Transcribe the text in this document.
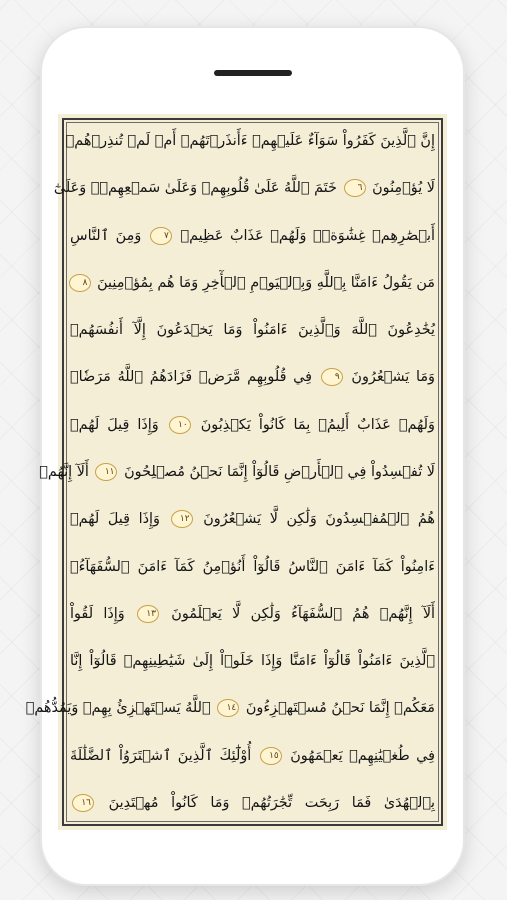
إِنَّ ٱلَّذِينَ كَفَرُواْ سَوَآءٌ عَلَيۡهِمۡ ءَأَنذَرۡتَهُمۡ أَمۡ لَمۡ تُنذِرۡهُمۡ
لَا يُؤۡمِنُونَ ٦ خَتَمَ ٱللَّهُ عَلَىٰ قُلُوبِهِمۡ وَعَلَىٰ سَمۡعِهِمۡۖ وَعَلَىٰٓ
أَبۡصَٰرِهِمۡ غِشَٰوَةٞۖ وَلَهُمۡ عَذَابٌ عَظِيمٞ ٧ وَمِنَ ٱلنَّاسِ
مَن يَقُولُ ءَامَنَّا بِٱللَّهِ وَبِٱلۡيَوۡمِ ٱلۡأٓخِرِ وَمَا هُم بِمُؤۡمِنِينَ ٨
يُخَٰدِعُونَ ٱللَّهَ وَٱلَّذِينَ ءَامَنُواْ وَمَا يَخۡدَعُونَ إِلَّآ أَنفُسَهُمۡ
وَمَا يَشۡعُرُونَ ٩ فِي قُلُوبِهِم مَّرَضٞ فَزَادَهُمُ ٱللَّهُ مَرَضٗاۖ
وَلَهُمۡ عَذَابٌ أَلِيمُۢ بِمَا كَانُواْ يَكۡذِبُونَ ١٠ وَإِذَا قِيلَ لَهُمۡ
لَا تُفۡسِدُواْ فِي ٱلۡأَرۡضِ قَالُوٓاْ إِنَّمَا نَحۡنُ مُصۡلِحُونَ ١١ أَلَآ إِنَّهُمۡ
هُمُ ٱلۡمُفۡسِدُونَ وَلَٰكِن لَّا يَشۡعُرُونَ ١٢ وَإِذَا قِيلَ لَهُمۡ
ءَامِنُواْ كَمَآ ءَامَنَ ٱلنَّاسُ قَالُوٓاْ أَنُؤۡمِنُ كَمَآ ءَامَنَ ٱلسُّفَهَآءُۗ
أَلَآ إِنَّهُمۡ هُمُ ٱلسُّفَهَآءُ وَلَٰكِن لَّا يَعۡلَمُونَ ١٣ وَإِذَا لَقُواْ
ٱلَّذِينَ ءَامَنُواْ قَالُوٓاْ ءَامَنَّا وَإِذَا خَلَوۡاْ إِلَىٰ شَيَٰطِينِهِمۡ قَالُوٓاْ إِنَّا
مَعَكُمۡ إِنَّمَا نَحۡنُ مُسۡتَهۡزِءُونَ ١٤ ٱللَّهُ يَسۡتَهۡزِئُ بِهِمۡ وَيَمُدُّهُمۡ
فِي طُغۡيَٰنِهِمۡ يَعۡمَهُونَ ١٥ أُوْلَٰٓئِكَ ٱلَّذِينَ ٱشۡتَرَوُاْ ٱلضَّلَٰلَةَ
بِٱلۡهُدَىٰ فَمَا رَبِحَت تِّجَٰرَتُهُمۡ وَمَا كَانُواْ مُهۡتَدِينَ ١٦
